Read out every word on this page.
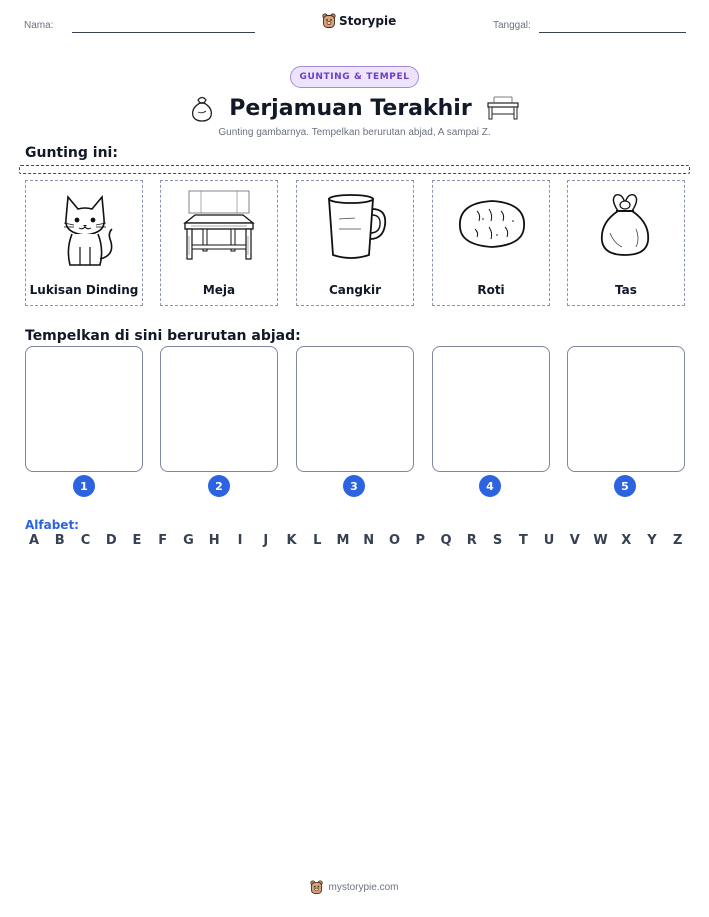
Nama:	Storypie	Tanggal:
GUNTING & TEMPEL
Perjamuan Terakhir
Gunting gambarnya. Tempelkan berurutan abjad, A sampai Z.
Gunting ini:
Lukisan Dinding	Meja	Cangkir	Roti	Tas
Tempelkan di sini berurutan abjad:
1	2	3	4	5
Alfabet:
A B C D E F G H	I	J	K L M N O P Q R S T U V W X Y Z
mystorypie.com
